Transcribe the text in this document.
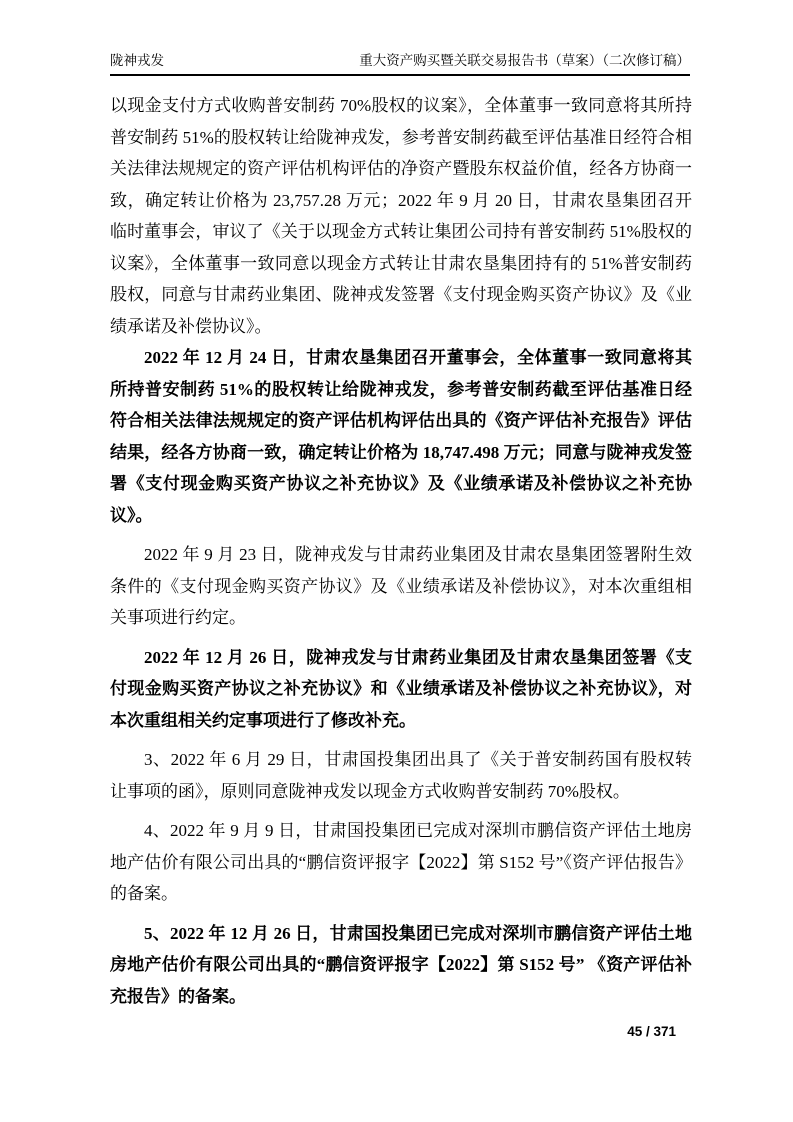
陇神戎发	重大资产购买暨关联交易报告书（草案）（二次修订稿）

以现金支付方式收购普安制药 70%股权的议案》，全体董事一致同意将其所持普安制药 51%的股权转让给陇神戎发，参考普安制药截至评估基准日经符合相关法律法规规定的资产评估机构评估的净资产暨股东权益价值，经各方协商一致，确定转让价格为 23,757.28 万元；2022 年 9 月 20 日，甘肃农垦集团召开临时董事会，审议了《关于以现金方式转让集团公司持有普安制药 51%股权的议案》，全体董事一致同意以现金方式转让甘肃农垦集团持有的 51%普安制药股权，同意与甘肃药业集团、陇神戎发签署《支付现金购买资产协议》及《业绩承诺及补偿协议》。

2022 年 12 月 24 日，甘肃农垦集团召开董事会，全体董事一致同意将其所持普安制药 51%的股权转让给陇神戎发，参考普安制药截至评估基准日经符合相关法律法规规定的资产评估机构评估出具的《资产评估补充报告》评估结果，经各方协商一致，确定转让价格为 18,747.498 万元；同意与陇神戎发签署《支付现金购买资产协议之补充协议》及《业绩承诺及补偿协议之补充协议》。

2022 年 9 月 23 日，陇神戎发与甘肃药业集团及甘肃农垦集团签署附生效条件的《支付现金购买资产协议》及《业绩承诺及补偿协议》，对本次重组相关事项进行约定。

2022 年 12 月 26 日，陇神戎发与甘肃药业集团及甘肃农垦集团签署《支付现金购买资产协议之补充协议》和《业绩承诺及补偿协议之补充协议》，对本次重组相关约定事项进行了修改补充。

3、2022 年 6 月 29 日，甘肃国投集团出具了《关于普安制药国有股权转让事项的函》，原则同意陇神戎发以现金方式收购普安制药 70%股权。

4、2022 年 9 月 9 日，甘肃国投集团已完成对深圳市鹏信资产评估土地房地产估价有限公司出具的“鹏信资评报字【2022】第 S152 号”《资产评估报告》的备案。

5、2022 年 12 月 26 日，甘肃国投集团已完成对深圳市鹏信资产评估土地房地产估价有限公司出具的“鹏信资评报字【2022】第 S152 号” 《资产评估补充报告》的备案。

45 / 371
